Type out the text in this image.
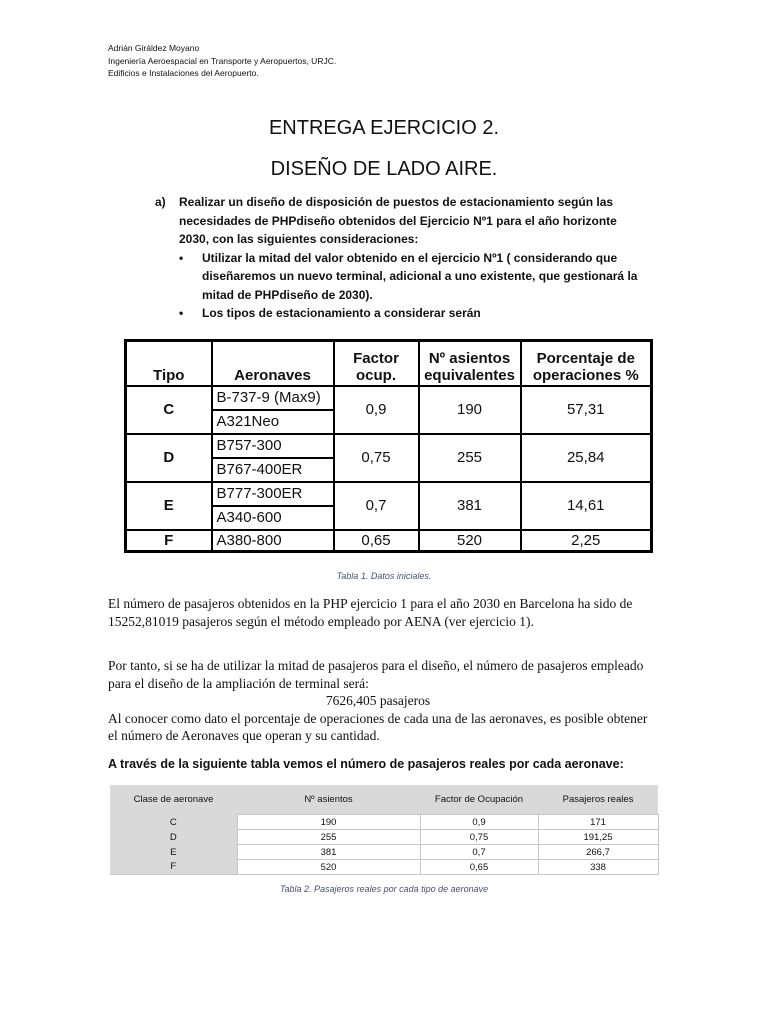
Adrián Giráldez Moyano
Ingeniería Aeroespacial en Transporte y Aeropuertos, URJC.
Edificios e Instalaciones del Aeropuerto.
ENTREGA EJERCICIO 2.
DISEÑO DE LADO AIRE.
a) Realizar un diseño de disposición de puestos de estacionamiento según las necesidades de PHPdiseño obtenidos del Ejercicio Nº1 para el año horizonte 2030, con las siguientes consideraciones:
• Utilizar la mitad del valor obtenido en el ejercicio Nº1 ( considerando que diseñaremos un nuevo terminal, adicional a uno existente, que gestionará la mitad de PHPdiseño de 2030).
• Los tipos de estacionamiento a considerar serán
Tipo	Aeronaves	Factor ocup.	Nº asientos equivalentes	Porcentaje de operaciones %
C	B-737-9 (Max9)	0,9	190	57,31
	A321Neo			
D	B757-300	0,75	255	25,84
	B767-400ER			
E	B777-300ER	0,7	381	14,61
	A340-600			
F	A380-800	0,65	520	2,25
Tabla 1. Datos iniciales.
El número de pasajeros obtenidos en la PHP ejercicio 1 para el año 2030 en Barcelona ha sido de 15252,81019 pasajeros según el método empleado por AENA (ver ejercicio 1).
Por tanto, si se ha de utilizar la mitad de pasajeros para el diseño, el número de pasajeros empleado para el diseño de la ampliación de terminal será:
7626,405 pasajeros
Al conocer como dato el porcentaje de operaciones de cada una de las aeronaves, es posible obtener el número de Aeronaves que operan y su cantidad.
A través de la siguiente tabla vemos el número de pasajeros reales por cada aeronave:
Clase de aeronave	Nº asientos	Factor de Ocupación	Pasajeros reales
C	190	0,9	171
D	255	0,75	191,25
E	381	0,7	266,7
F	520	0,65	338
Tabla 2. Pasajeros reales por cada tipo de aeronave
